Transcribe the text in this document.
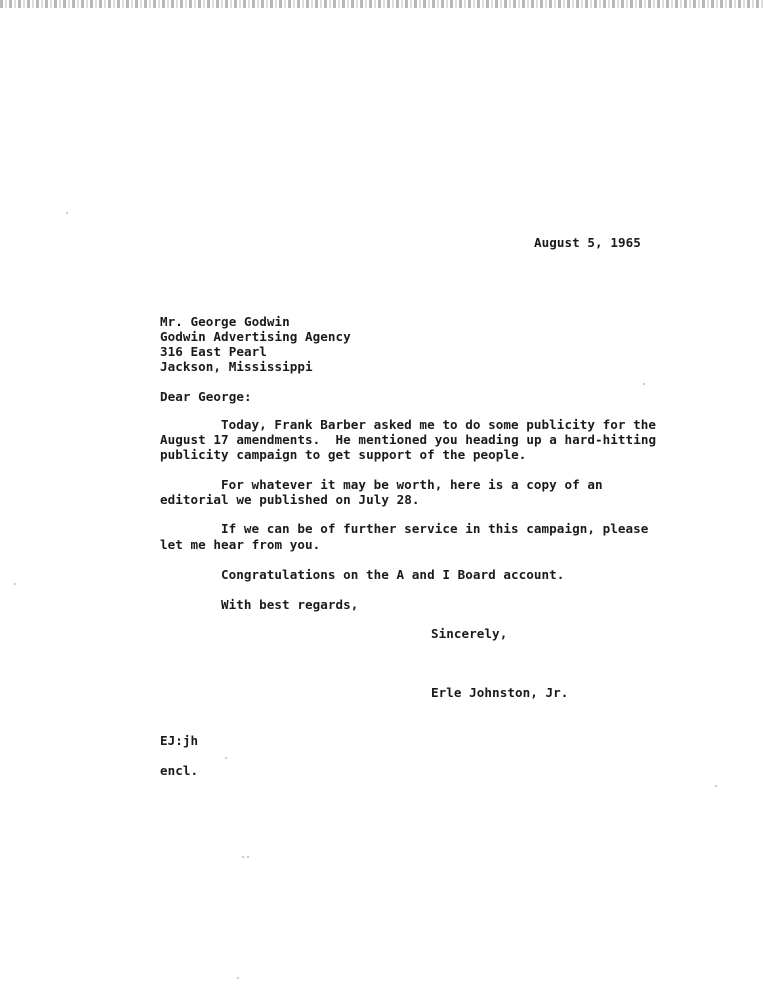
August 5, 1965
Mr. George Godwin
Godwin Advertising Agency
316 East Pearl
Jackson, Mississippi
Dear George:
Today, Frank Barber asked me to do some publicity for the
August 17 amendments.  He mentioned you heading up a hard-hitting
publicity campaign to get support of the people.
For whatever it may be worth, here is a copy of an
editorial we published on July 28.
If we can be of further service in this campaign, please
let me hear from you.
Congratulations on the A and I Board account.
With best regards,
Sincerely,
Erle Johnston, Jr.
EJ:jh
encl.
